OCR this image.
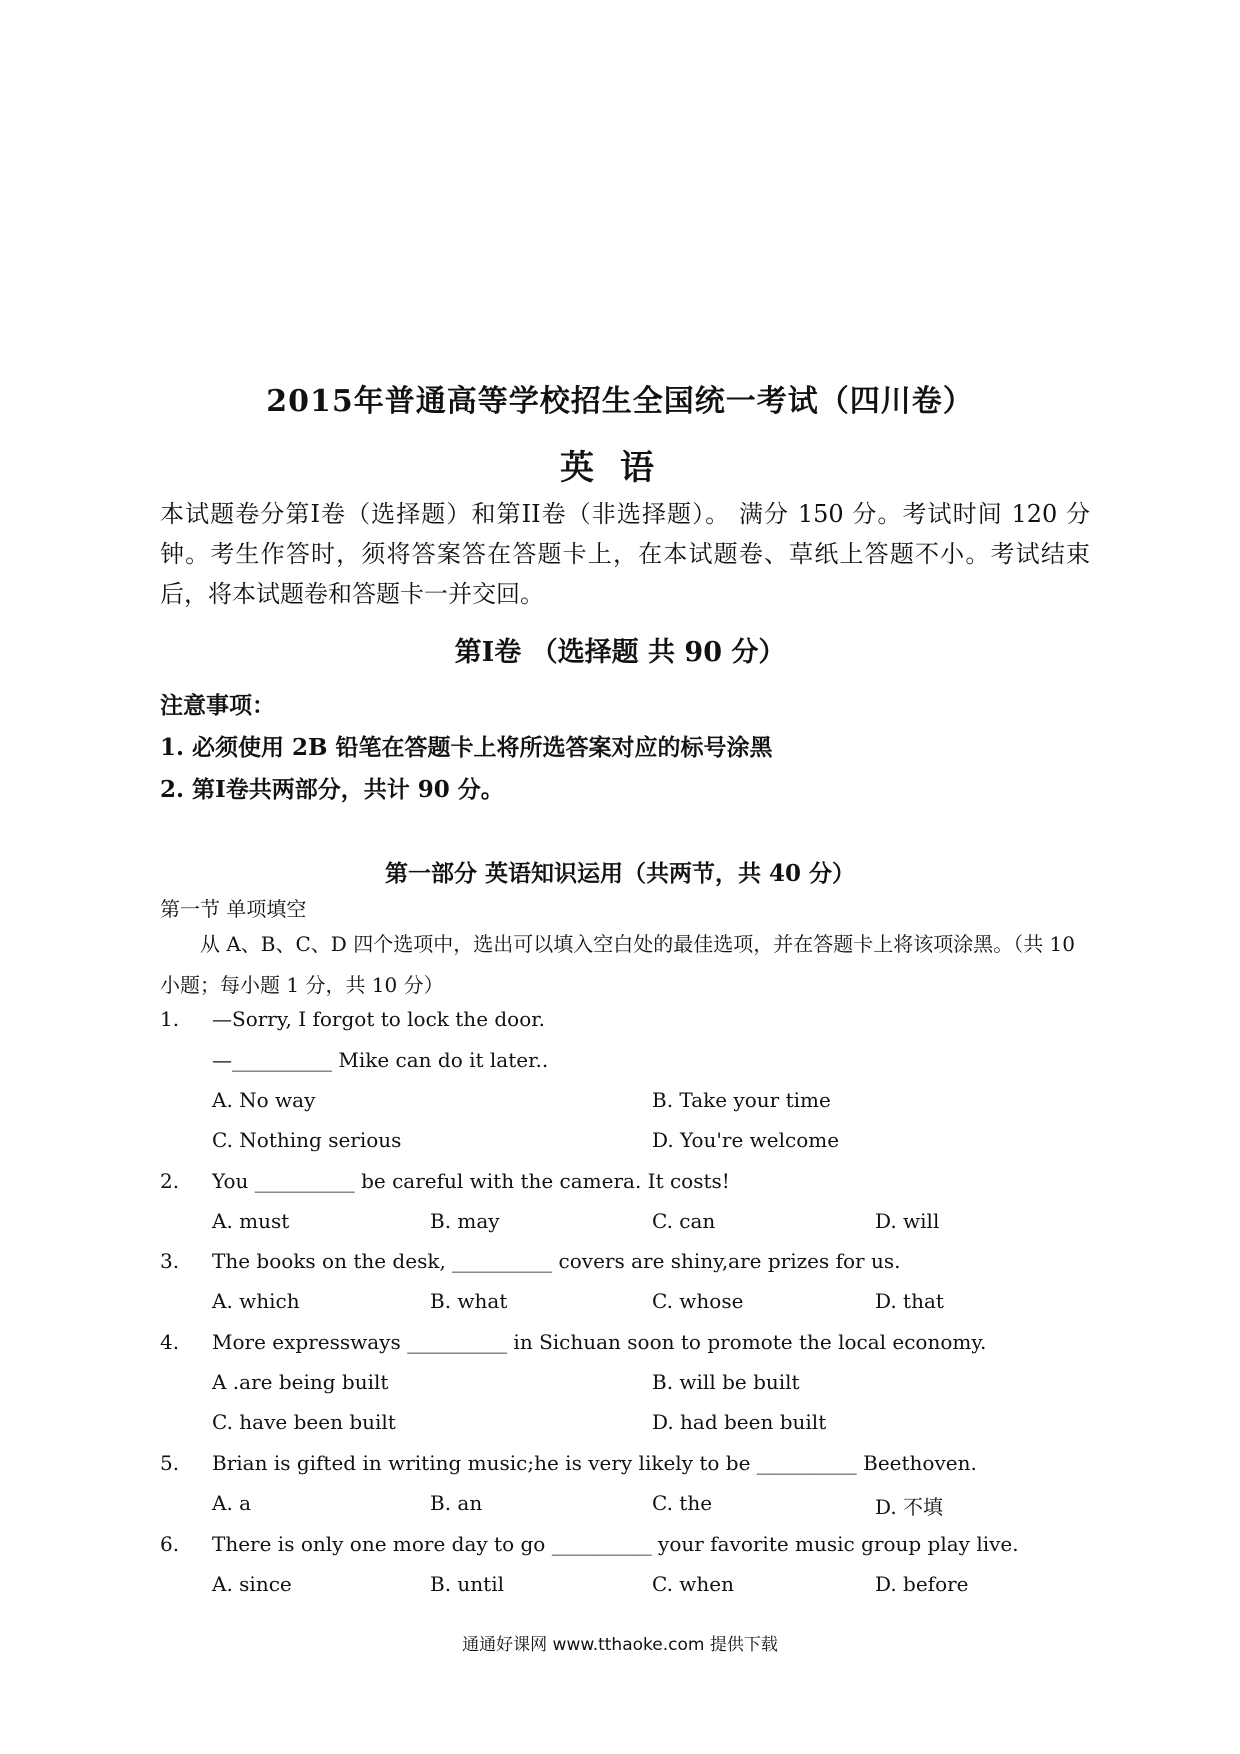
2015年普通高等学校招生全国统一考试（四川卷）
英语
本试题卷分第I卷（选择题）和第II卷（非选择题）。 满分 150 分。考试时间 120 分钟。考生作答时，须将答案答在答题卡上，在本试题卷、草纸上答题不小。考试结束后，将本试题卷和答题卡一并交回。
第I卷 （选择题 共 90 分）
注意事项：
1. 必须使用 2B 铅笔在答题卡上将所选答案对应的标号涂黑
2. 第I卷共两部分，共计 90 分。
第一部分 英语知识运用（共两节，共 40 分）
第一节 单项填空
从 A、B、C、D 四个选项中，选出可以填入空白处的最佳选项，并在答题卡上将该项涂黑。（共 10 小题；每小题 1 分，共 10 分）
1. —Sorry, I forgot to lock the door.
—__________ Mike can do it later..
A. No way	B. Take your time
C. Nothing serious	D. You're welcome
2. You __________ be careful with the camera. It costs!
A. must	B. may	C. can	D. will
3. The books on the desk, __________ covers are shiny,are prizes for us.
A. which	B. what	C. whose	D. that
4. More expressways __________ in Sichuan soon to promote the local economy.
A .are being built	B. will be built
C. have been built	D. had been built
5. Brian is gifted in writing music;he is very likely to be __________ Beethoven.
A. a	B. an	C. the	D. 不填
6. There is only one more day to go __________ your favorite music group play live.
A. since	B. until	C. when	D. before
通通好课网 www.tthaoke.com 提供下载
